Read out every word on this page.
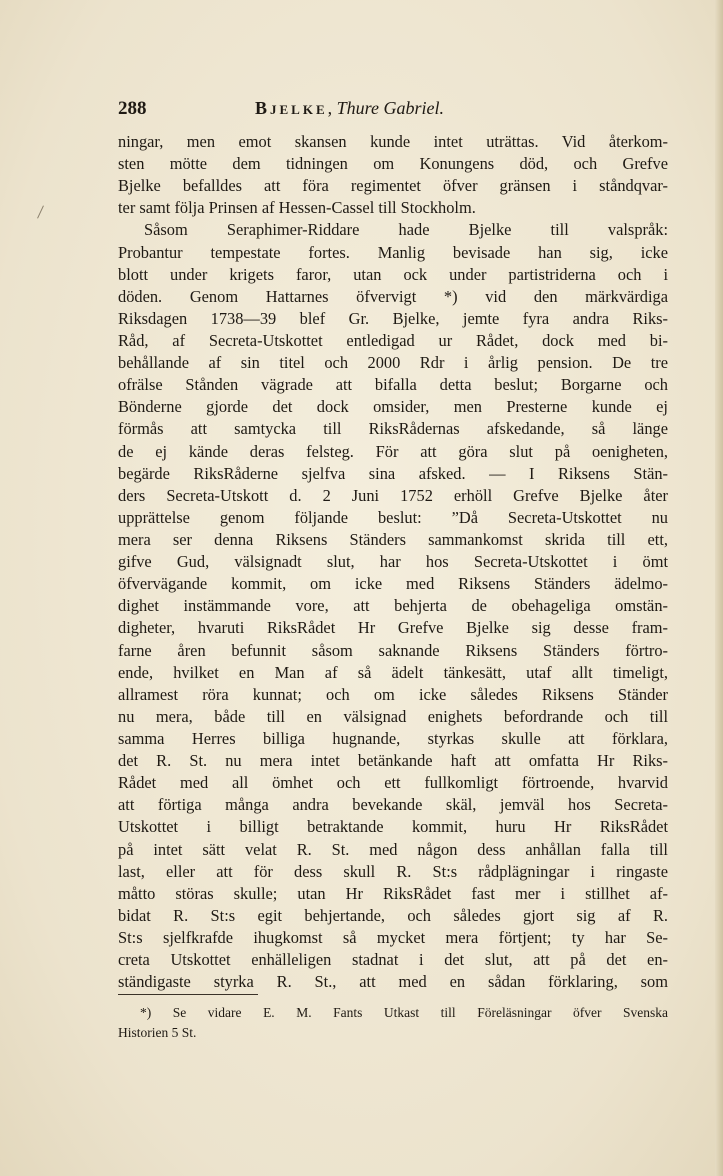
288	Bjelke, Thure Gabriel.
ningar, men emot skansen kunde intet uträttas. Vid återkom-
sten mötte dem tidningen om Konungens död, och Grefve
Bjelke befalldes att föra regimentet öfver gränsen i ståndqvar-
ter samt följa Prinsen af Hessen-Cassel till Stockholm.
Såsom Seraphimer-Riddare hade Bjelke till valspråk:
Probantur tempestate fortes. Manlig bevisade han sig, icke
blott under krigets faror, utan ock under partistriderna och i
döden. Genom Hattarnes öfvervigt *) vid den märkvärdiga
Riksdagen 1738—39 blef Gr. Bjelke, jemte fyra andra Riks-
Råd, af Secreta-Utskottet entledigad ur Rådet, dock med bi-
behållande af sin titel och 2000 Rdr i årlig pension. De tre
ofrälse Stånden vägrade att bifalla detta beslut; Borgarne och
Bönderne gjorde det dock omsider, men Presterne kunde ej
förmås att samtycka till RiksRådernas afskedande, så länge
de ej kände deras felsteg. För att göra slut på oenigheten,
begärde RiksRåderne sjelfva sina afsked. — I Riksens Stän-
ders Secreta-Utskott d. 2 Juni 1752 erhöll Grefve Bjelke åter
upprättelse genom följande beslut: ”Då Secreta-Utskottet nu
mera ser denna Riksens Ständers sammankomst skrida till ett,
gifve Gud, välsignadt slut, har hos Secreta-Utskottet i ömt
öfvervägande kommit, om icke med Riksens Ständers ädelmo-
dighet instämmande vore, att behjerta de obehageliga omstän-
digheter, hvaruti RiksRådet Hr Grefve Bjelke sig desse fram-
farne åren befunnit såsom saknande Riksens Ständers förtro-
ende, hvilket en Man af så ädelt tänkesätt, utaf allt timeligt,
allramest röra kunnat; och om icke således Riksens Ständer
nu mera, både till en välsignad enighets befordrande och till
samma Herres billiga hugnande, styrkas skulle att förklara,
det R. St. nu mera intet betänkande haft att omfatta Hr Riks-
Rådet med all ömhet och ett fullkomligt förtroende, hvarvid
att förtiga många andra bevekande skäl, jemväl hos Secreta-
Utskottet i billigt betraktande kommit, huru Hr RiksRådet
på intet sätt velat R. St. med någon dess anhållan falla till
last, eller att för dess skull R. St:s rådplägningar i ringaste
måtto störas skulle; utan Hr RiksRådet fast mer i stillhet af-
bidat R. St:s egit behjertande, och således gjort sig af R.
St:s sjelfkrafde ihugkomst så mycket mera förtjent; ty har Se-
creta Utskottet enhälleligen stadnat i det slut, att på det en-
ständigaste styrka R. St., att med en sådan förklaring, som
*) Se vidare E. M. Fants Utkast till Föreläsningar öfver Svenska
Historien 5 St.
